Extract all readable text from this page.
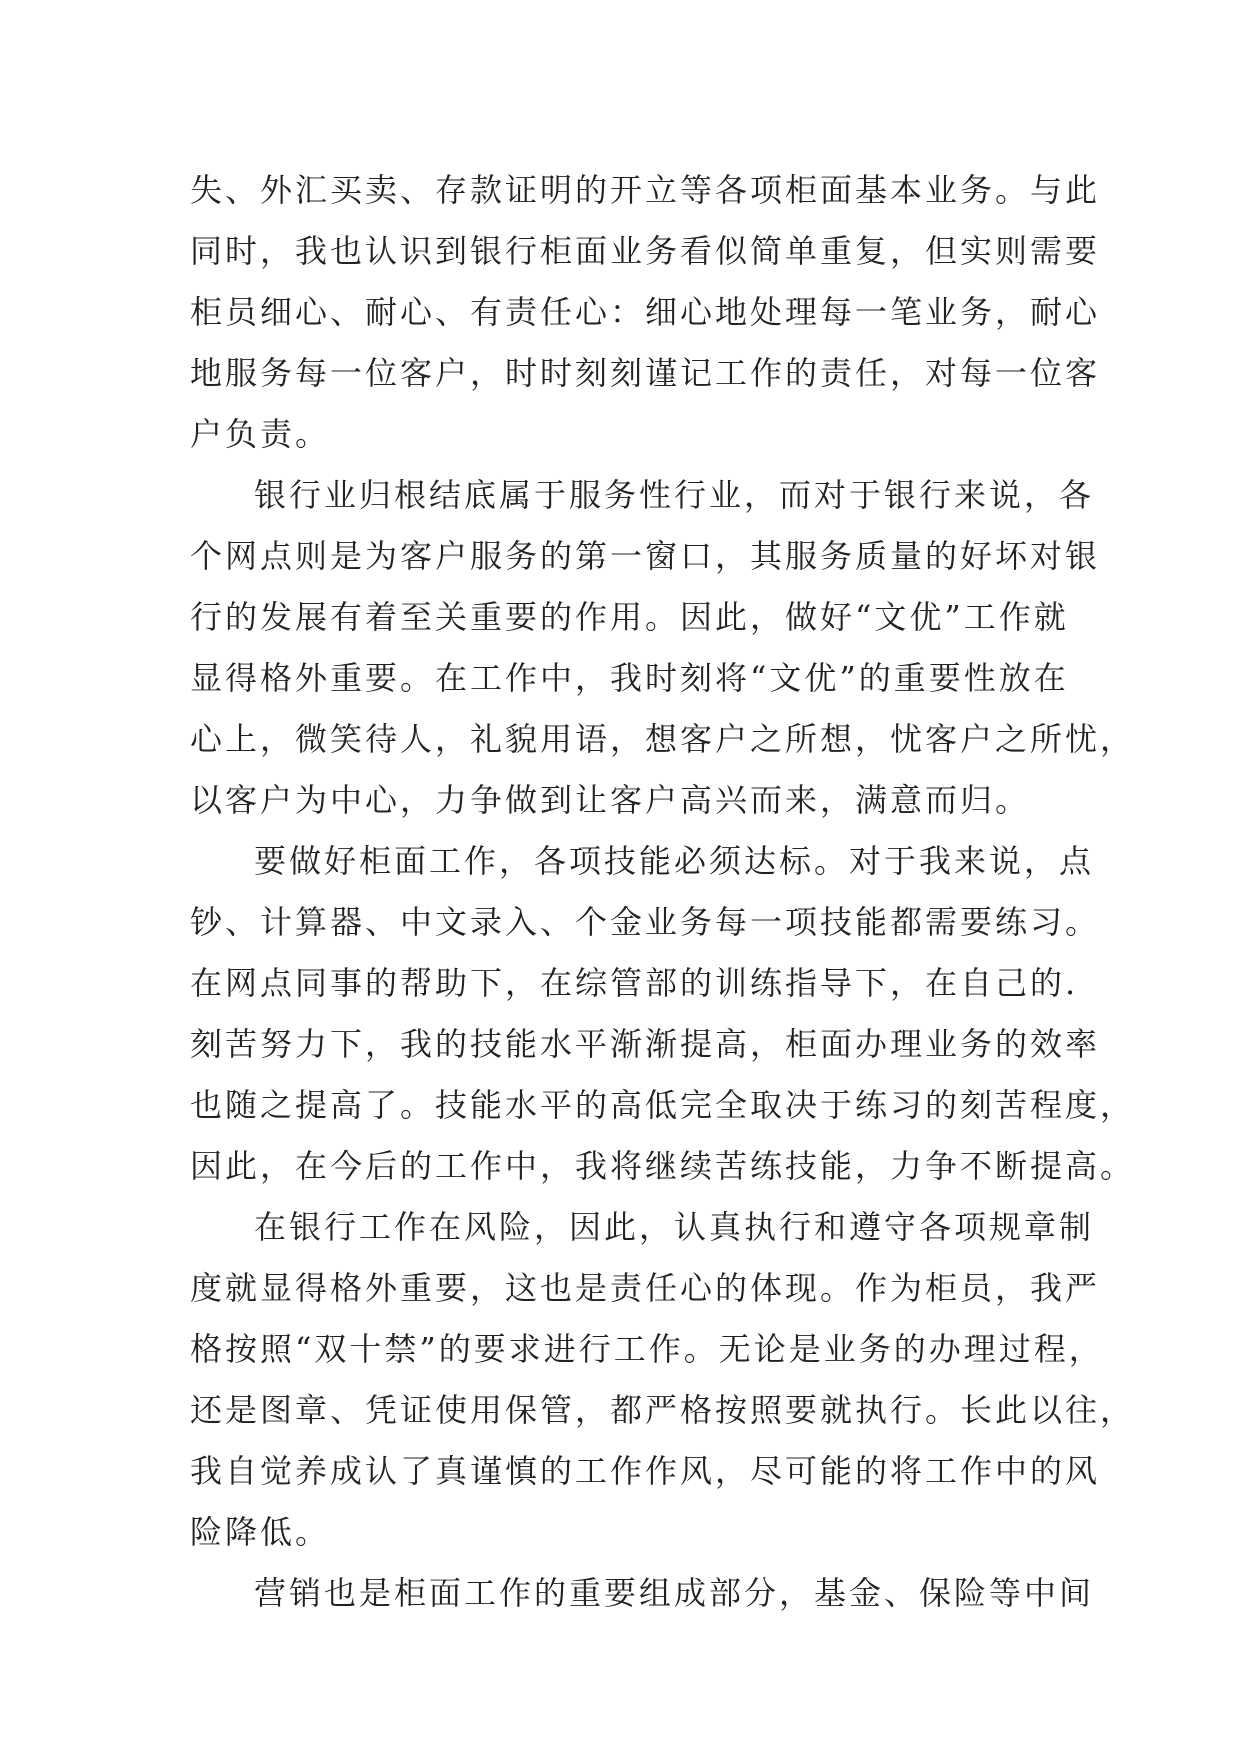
失、外汇买卖、存款证明的开立等各项柜面基本业务。与此
同时，我也认识到银行柜面业务看似简单重复，但实则需要
柜员细心、耐心、有责任心：细心地处理每一笔业务，耐心
地服务每一位客户，时时刻刻谨记工作的责任，对每一位客
户负责。
银行业归根结底属于服务性行业，而对于银行来说，各
个网点则是为客户服务的第一窗口，其服务质量的好坏对银
行的发展有着至关重要的作用。因此，做好“文优”工作就
显得格外重要。在工作中，我时刻将“文优”的重要性放在
心上，微笑待人，礼貌用语，想客户之所想，忧客户之所忧，
以客户为中心，力争做到让客户高兴而来，满意而归。
要做好柜面工作，各项技能必须达标。对于我来说，点
钞、计算器、中文录入、个金业务每一项技能都需要练习。
在网点同事的帮助下，在综管部的训练指导下，在自己的.
刻苦努力下，我的技能水平渐渐提高，柜面办理业务的效率
也随之提高了。技能水平的高低完全取决于练习的刻苦程度，
因此，在今后的工作中，我将继续苦练技能，力争不断提高。
在银行工作在风险，因此，认真执行和遵守各项规章制
度就显得格外重要，这也是责任心的体现。作为柜员，我严
格按照“双十禁”的要求进行工作。无论是业务的办理过程，
还是图章、凭证使用保管，都严格按照要就执行。长此以往，
我自觉养成认了真谨慎的工作作风，尽可能的将工作中的风
险降低。
营销也是柜面工作的重要组成部分，基金、保险等中间
